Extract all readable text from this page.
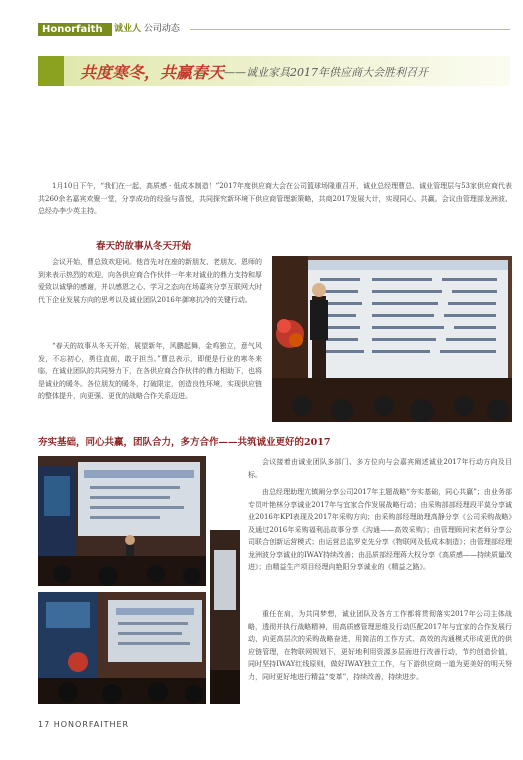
Honorfaith	诚业人 公司动态
共度寒冬，共赢春天 ——诚业家具2017年供应商大会胜利召开
1月10日下午，“我们在一起，高质感 · 低成本制造！”2017年度供应商大会在公司篮球场隆重召开，诚业总经理曹总、诚业管理层与53家供应商代表共260余名嘉宾欢聚一堂，分享成功的经验与喜悦，共同探究新环境下供应商管理新策略，共商2017发展大计，实现同心、共赢。会议由管理部龙洲波、总经办李少英主持。
春天的故事从冬天开始
会议开始，曹总致欢迎词。他首先对在座的新朋友、老朋友、恩师的到来表示热烈的欢迎，向各供应商合作伙伴一年来对诚业的鼎力支持和厚爱致以诚挚的感谢，并以感恩之心、学习之态向在场嘉宾分享互联网大时代下企业发展方向的思考以及诚业团队2016年御寒抗冷的关键行动。
“春天的故事从冬天开始，展望新年，风鹏起舞，金鸡独立，意气风发，不忘初心，勇往直前，敢于担当。”曹总表示，即便是行业的寒冬来临，在诚业团队的共同努力下，在各供应商合作伙伴的鼎力相助下，也将是诚业的暖冬。各位朋友的暖冬，打破限定，创造良性环境，实现供应链的整体提升，向更强、更优的战略合作关系迈进。
夯实基础，同心共赢，团队合力，多方合作——共筑诚业更好的2017
会议接着由诚业团队多部门、多方位向与会嘉宾阐述诚业2017年行动方向及目标。
由总经理助理亢镇阐分享公司2017年主题战略“夯实基础，同心共赢”；由业务部专员叶艳林分享诚业2017年与宜家合作发展战略行动；由采购部部经理段平莫分享诚业2016年KPI表现及2017年采购方向；由采购部经理助理高静分享《公司采购战略》及通过2016年采购福利品故事分享《沟通——高效采购》；由管理顾问宋老师分享公司联合创新运营模式；由运营总监罗克先分享《物联网及低成本制造》；由管理部经理龙洲波分享诚业的IWAY持续改善；由品质部经理蒋大权分享《高质感——持续质量改进》；由精益生产项目经理向艳阳分享诚业的《精益之路》。
重任在肩，为共同梦想，诚业团队及各方工作都将贯彻落实2017年公司主体战略，透彻并执行战略精神，用高质感管理思维及行动匹配2017年与宜家的合作发展行动，向更高层次的采购战略奋进，用简洁的工作方式、高效的沟通模式形成更优的供应链管理，在物联网规划下，更好地利用资源多层面进行改善行动，节约创造价值，同时坚持IWAY红线原则，做好IWAY独立工作，与下游供应商一道为更美好的明天努力，同时更好地进行精益“变革”，持续改善，持续进步。
17 HONORFAITHER
